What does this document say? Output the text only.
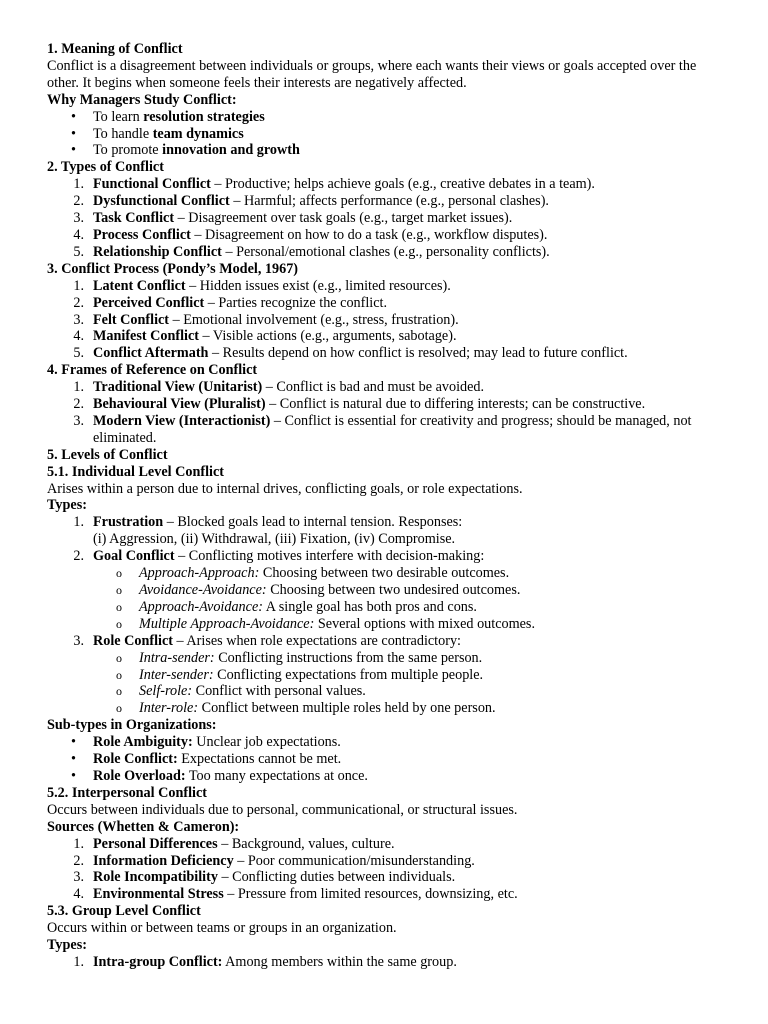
1. Meaning of Conflict

Conflict is a disagreement between individuals or groups, where each wants their views or goals accepted over the other. It begins when someone feels their interests are negatively affected.

Why Managers Study Conflict:

• To learn resolution strategies
• To handle team dynamics
• To promote innovation and growth

2. Types of Conflict

1. Functional Conflict – Productive; helps achieve goals (e.g., creative debates in a team).
2. Dysfunctional Conflict – Harmful; affects performance (e.g., personal clashes).
3. Task Conflict – Disagreement over task goals (e.g., target market issues).
4. Process Conflict – Disagreement on how to do a task (e.g., workflow disputes).
5. Relationship Conflict – Personal/emotional clashes (e.g., personality conflicts).

3. Conflict Process (Pondy’s Model, 1967)

1. Latent Conflict – Hidden issues exist (e.g., limited resources).
2. Perceived Conflict – Parties recognize the conflict.
3. Felt Conflict – Emotional involvement (e.g., stress, frustration).
4. Manifest Conflict – Visible actions (e.g., arguments, sabotage).
5. Conflict Aftermath – Results depend on how conflict is resolved; may lead to future conflict.

4. Frames of Reference on Conflict

1. Traditional View (Unitarist) – Conflict is bad and must be avoided.
2. Behavioural View (Pluralist) – Conflict is natural due to differing interests; can be constructive.
3. Modern View (Interactionist) – Conflict is essential for creativity and progress; should be managed, not eliminated.

5. Levels of Conflict

5.1. Individual Level Conflict

Arises within a person due to internal drives, conflicting goals, or role expectations.

Types:

1. Frustration – Blocked goals lead to internal tension. Responses:
(i) Aggression, (ii) Withdrawal, (iii) Fixation, (iv) Compromise.
2. Goal Conflict – Conflicting motives interfere with decision-making:
o Approach-Approach: Choosing between two desirable outcomes.
o Avoidance-Avoidance: Choosing between two undesired outcomes.
o Approach-Avoidance: A single goal has both pros and cons.
o Multiple Approach-Avoidance: Several options with mixed outcomes.
3. Role Conflict – Arises when role expectations are contradictory:
o Intra-sender: Conflicting instructions from the same person.
o Inter-sender: Conflicting expectations from multiple people.
o Self-role: Conflict with personal values.
o Inter-role: Conflict between multiple roles held by one person.

Sub-types in Organizations:

• Role Ambiguity: Unclear job expectations.
• Role Conflict: Expectations cannot be met.
• Role Overload: Too many expectations at once.

5.2. Interpersonal Conflict

Occurs between individuals due to personal, communicational, or structural issues.

Sources (Whetten & Cameron):

1. Personal Differences – Background, values, culture.
2. Information Deficiency – Poor communication/misunderstanding.
3. Role Incompatibility – Conflicting duties between individuals.
4. Environmental Stress – Pressure from limited resources, downsizing, etc.

5.3. Group Level Conflict

Occurs within or between teams or groups in an organization.

Types:

1. Intra-group Conflict: Among members within the same group.
